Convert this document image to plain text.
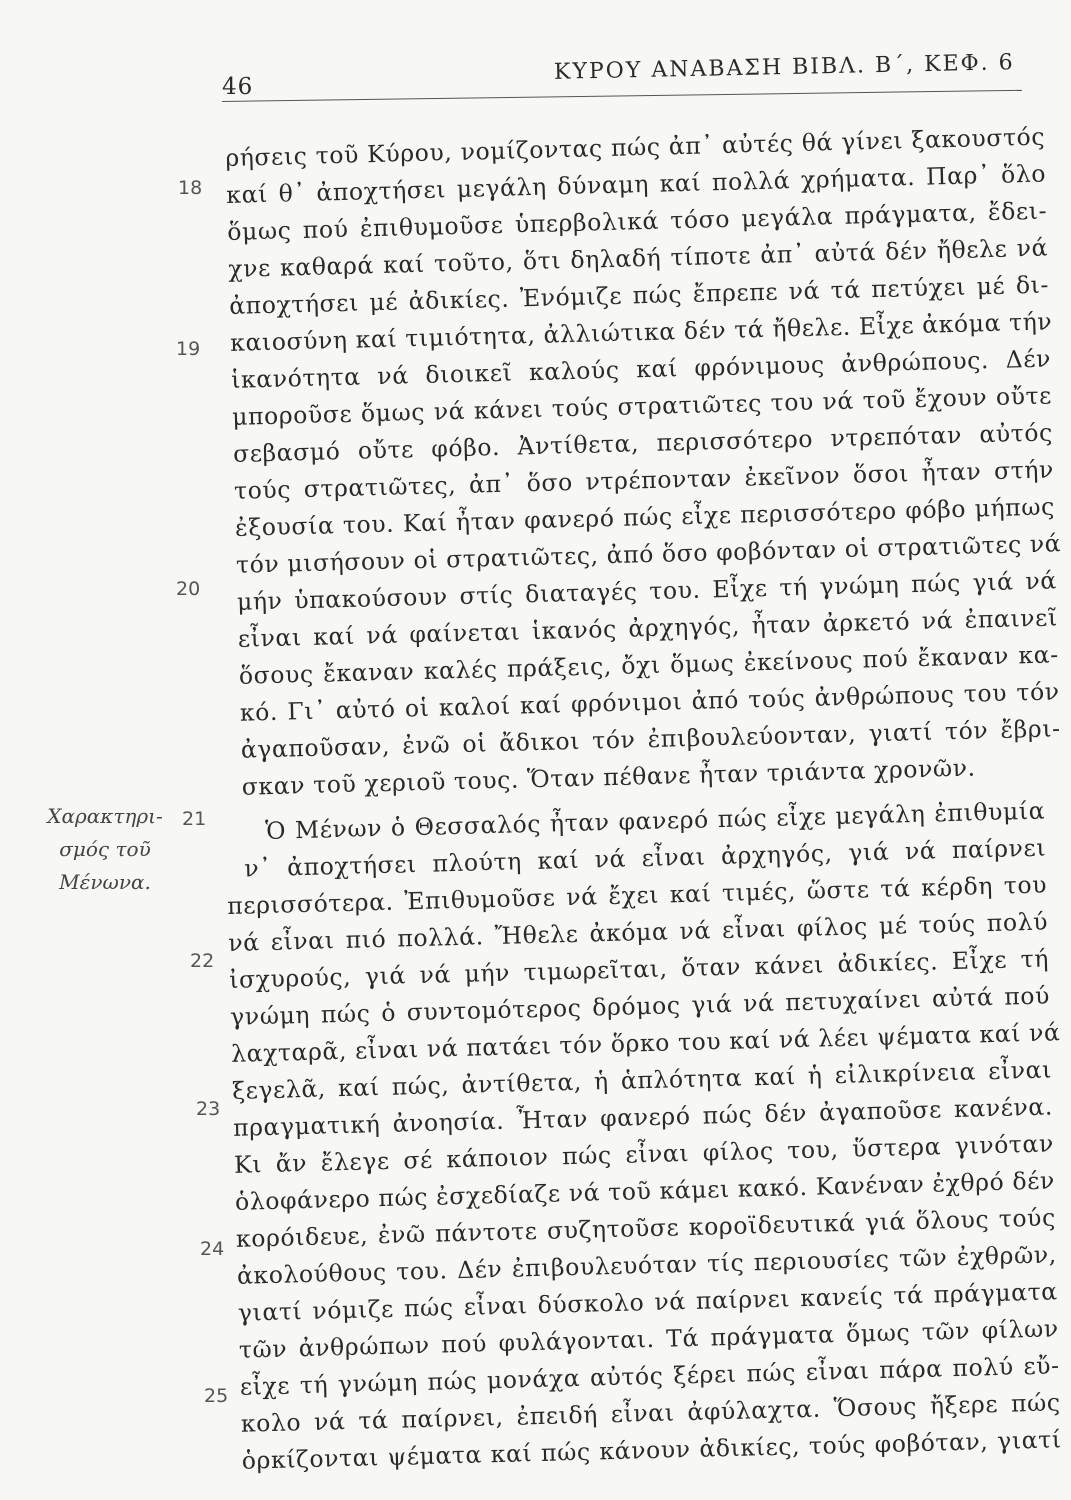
46
ΚΥΡΟΥ ΑΝΑΒΑΣΗ ΒΙΒΛ. Β΄, ΚΕΦ. 6
18
19
20
21
22
23
24
25
Χαρακτηρι-
σμός τοῦ
Μένωνα.
ρήσεις τοῦ Κύρου, νομίζοντας πώς ἀπ᾽ αὐτές θά γίνει ξακουστός
καί θ᾽ ἀποχτήσει μεγάλη δύναμη καί πολλά χρήματα. Παρ᾽ ὅλο
ὅμως πού ἐπιθυμοῦσε ὑπερβολικά τόσο μεγάλα πράγματα, ἔδει-
χνε καθαρά καί τοῦτο, ὅτι δηλαδή τίποτε ἀπ᾽ αὐτά δέν ἤθελε νά
ἀποχτήσει μέ ἀδικίες. Ἐνόμιζε πώς ἔπρεπε νά τά πετύχει μέ δι-
καιοσύνη καί τιμιότητα, ἀλλιώτικα δέν τά ἤθελε. Εἶχε ἀκόμα τήν
ἱκανότητα νά διοικεῖ καλούς καί φρόνιμους ἀνθρώπους. Δέν
μποροῦσε ὅμως νά κάνει τούς στρατιῶτες του νά τοῦ ἔχουν οὔτε
σεβασμό οὔτε φόβο. Ἀντίθετα, περισσότερο ντρεπόταν αὐτός
τούς στρατιῶτες, ἀπ᾽ ὅσο ντρέπονταν ἐκεῖνον ὅσοι ἦταν στήν
ἐξουσία του. Καί ἦταν φανερό πώς εἶχε περισσότερο φόβο μήπως
τόν μισήσουν οἱ στρατιῶτες, ἀπό ὅσο φοβόνταν οἱ στρατιῶτες νά
μήν ὑπακούσουν στίς διαταγές του. Εἶχε τή γνώμη πώς γιά νά
εἶναι καί νά φαίνεται ἱκανός ἀρχηγός, ἦταν ἀρκετό νά ἐπαινεῖ
ὅσους ἔκαναν καλές πράξεις, ὄχι ὅμως ἐκείνους πού ἔκαναν κα-
κό. Γι᾽ αὐτό οἱ καλοί καί φρόνιμοι ἀπό τούς ἀνθρώπους του τόν
ἀγαποῦσαν, ἐνῶ οἱ ἄδικοι τόν ἐπιβουλεύονταν, γιατί τόν ἔβρι-
σκαν τοῦ χεριοῦ τους. Ὅταν πέθανε ἦταν τριάντα χρονῶν.
Ὁ Μένων ὁ Θεσσαλός ἦταν φανερό πώς εἶχε μεγάλη ἐπιθυμία
ν᾽ ἀποχτήσει πλούτη καί νά εἶναι ἀρχηγός, γιά νά παίρνει
περισσότερα. Ἐπιθυμοῦσε νά ἔχει καί τιμές, ὥστε τά κέρδη του
νά εἶναι πιό πολλά. Ἤθελε ἀκόμα νά εἶναι φίλος μέ τούς πολύ
ἰσχυρούς, γιά νά μήν τιμωρεῖται, ὅταν κάνει ἀδικίες. Εἶχε τή
γνώμη πώς ὁ συντομότερος δρόμος γιά νά πετυχαίνει αὐτά πού
λαχταρᾶ, εἶναι νά πατάει τόν ὅρκο του καί νά λέει ψέματα καί νά
ξεγελᾶ, καί πώς, ἀντίθετα, ἡ ἁπλότητα καί ἡ εἰλικρίνεια εἶναι
πραγματική ἀνοησία. Ἦταν φανερό πώς δέν ἀγαποῦσε κανένα.
Κι ἄν ἔλεγε σέ κάποιον πώς εἶναι φίλος του, ὕστερα γινόταν
ὁλοφάνερο πώς ἐσχεδίαζε νά τοῦ κάμει κακό. Κανέναν ἐχθρό δέν
κορόιδευε, ἐνῶ πάντοτε συζητοῦσε κοροϊδευτικά γιά ὅλους τούς
ἀκολούθους του. Δέν ἐπιβουλευόταν τίς περιουσίες τῶν ἐχθρῶν,
γιατί νόμιζε πώς εἶναι δύσκολο νά παίρνει κανείς τά πράγματα
τῶν ἀνθρώπων πού φυλάγονται. Τά πράγματα ὅμως τῶν φίλων
εἶχε τή γνώμη πώς μονάχα αὐτός ξέρει πώς εἶναι πάρα πολύ εὔ-
κολο νά τά παίρνει, ἐπειδή εἶναι ἀφύλαχτα. Ὅσους ἤξερε πώς
ὁρκίζονται ψέματα καί πώς κάνουν ἀδικίες, τούς φοβόταν, γιατί
